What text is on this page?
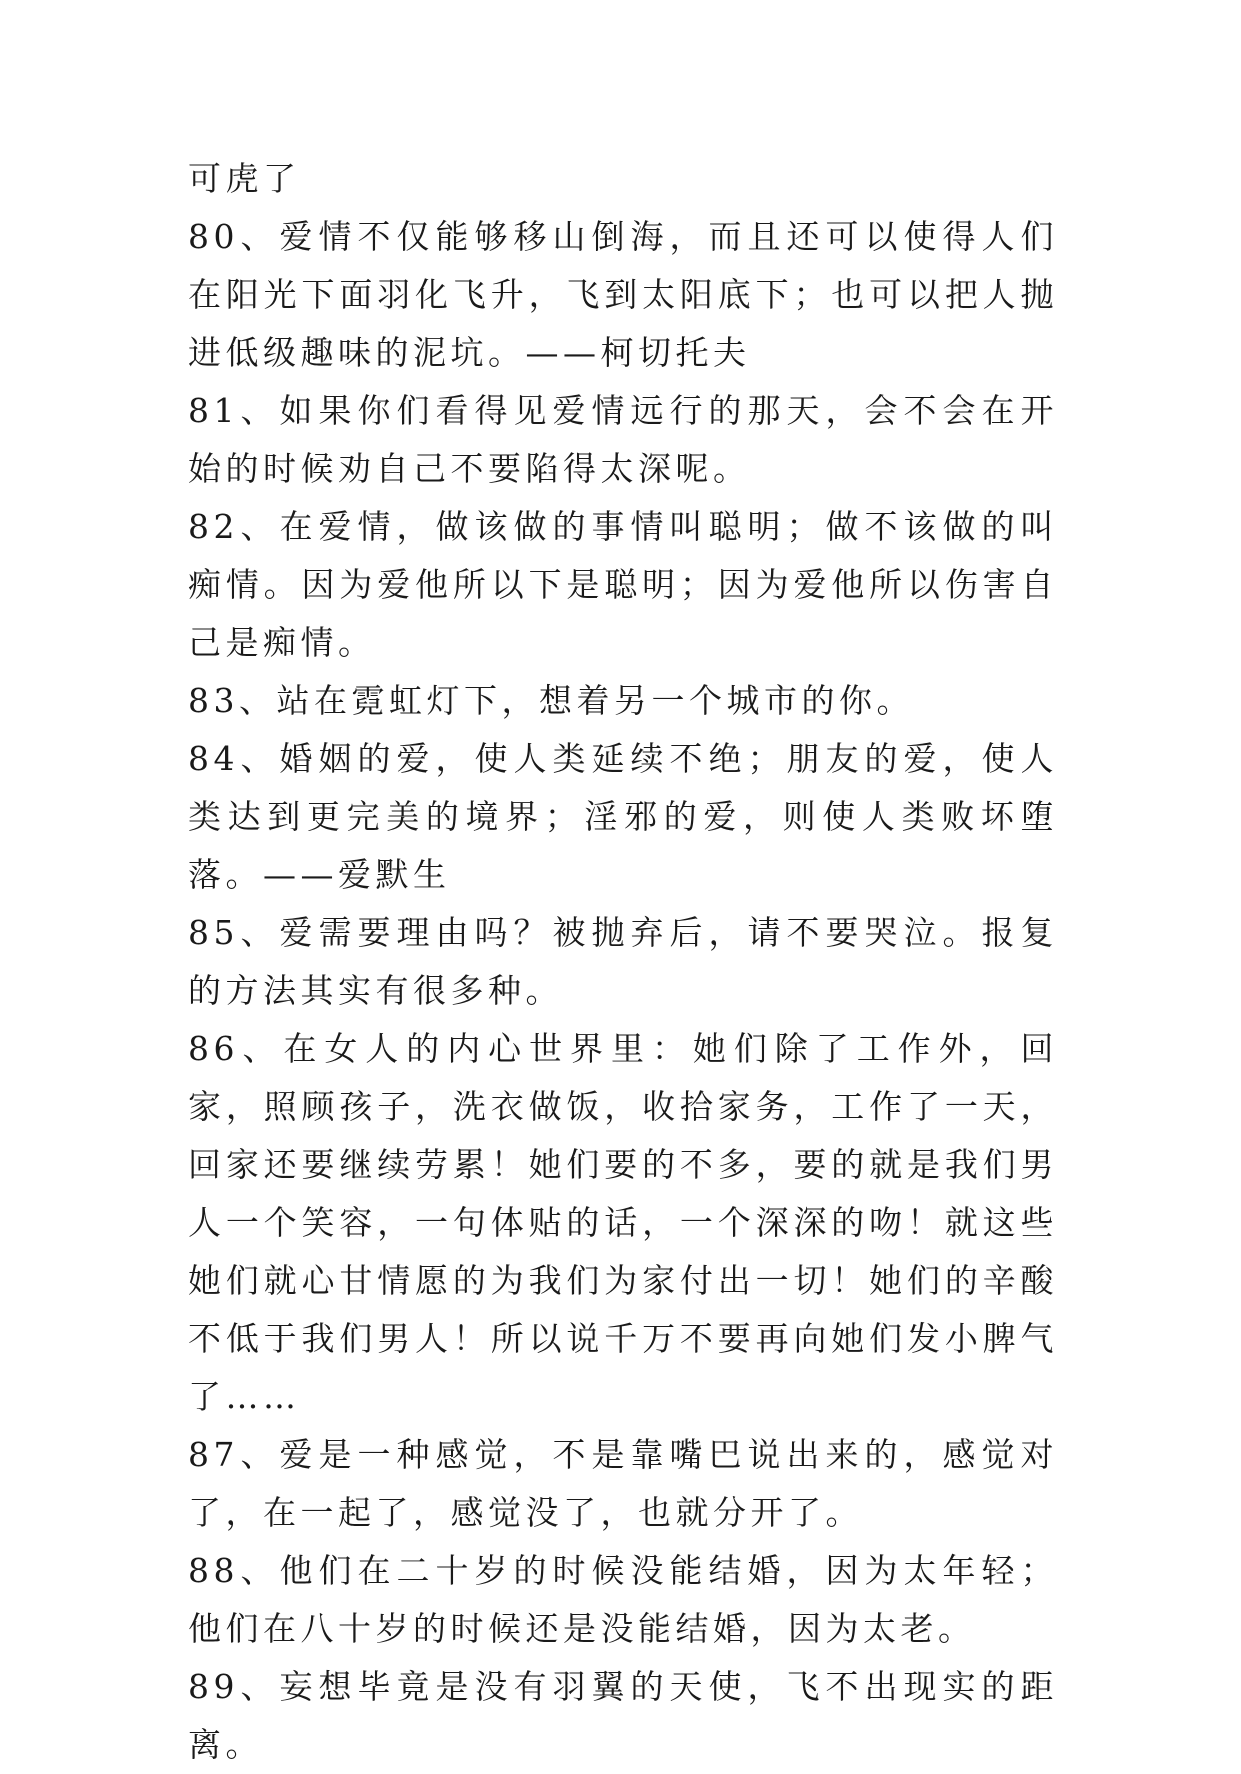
可虎了

80、爱情不仅能够移山倒海，而且还可以使得人们在阳光下面羽化飞升，飞到太阳底下；也可以把人抛进低级趣味的泥坑。——柯切托夫

81、如果你们看得见爱情远行的那天，会不会在开始的时候劝自己不要陷得太深呢。

82、在爱情，做该做的事情叫聪明；做不该做的叫痴情。因为爱他所以下是聪明；因为爱他所以伤害自己是痴情。

83、站在霓虹灯下，想着另一个城市的你。

84、婚姻的爱，使人类延续不绝；朋友的爱，使人类达到更完美的境界；淫邪的爱，则使人类败坏堕落。——爱默生

85、爱需要理由吗？被抛弃后，请不要哭泣。报复的方法其实有很多种。

86、在女人的内心世界里：她们除了工作外，回家，照顾孩子，洗衣做饭，收拾家务，工作了一天，回家还要继续劳累！她们要的不多，要的就是我们男人一个笑容，一句体贴的话，一个深深的吻！就这些她们就心甘情愿的为我们为家付出一切！她们的辛酸不低于我们男人！所以说千万不要再向她们发小脾气了……

87、爱是一种感觉，不是靠嘴巴说出来的，感觉对了，在一起了，感觉没了，也就分开了。

88、他们在二十岁的时候没能结婚，因为太年轻；他们在八十岁的时候还是没能结婚，因为太老。

89、妄想毕竟是没有羽翼的天使，飞不出现实的距离。
